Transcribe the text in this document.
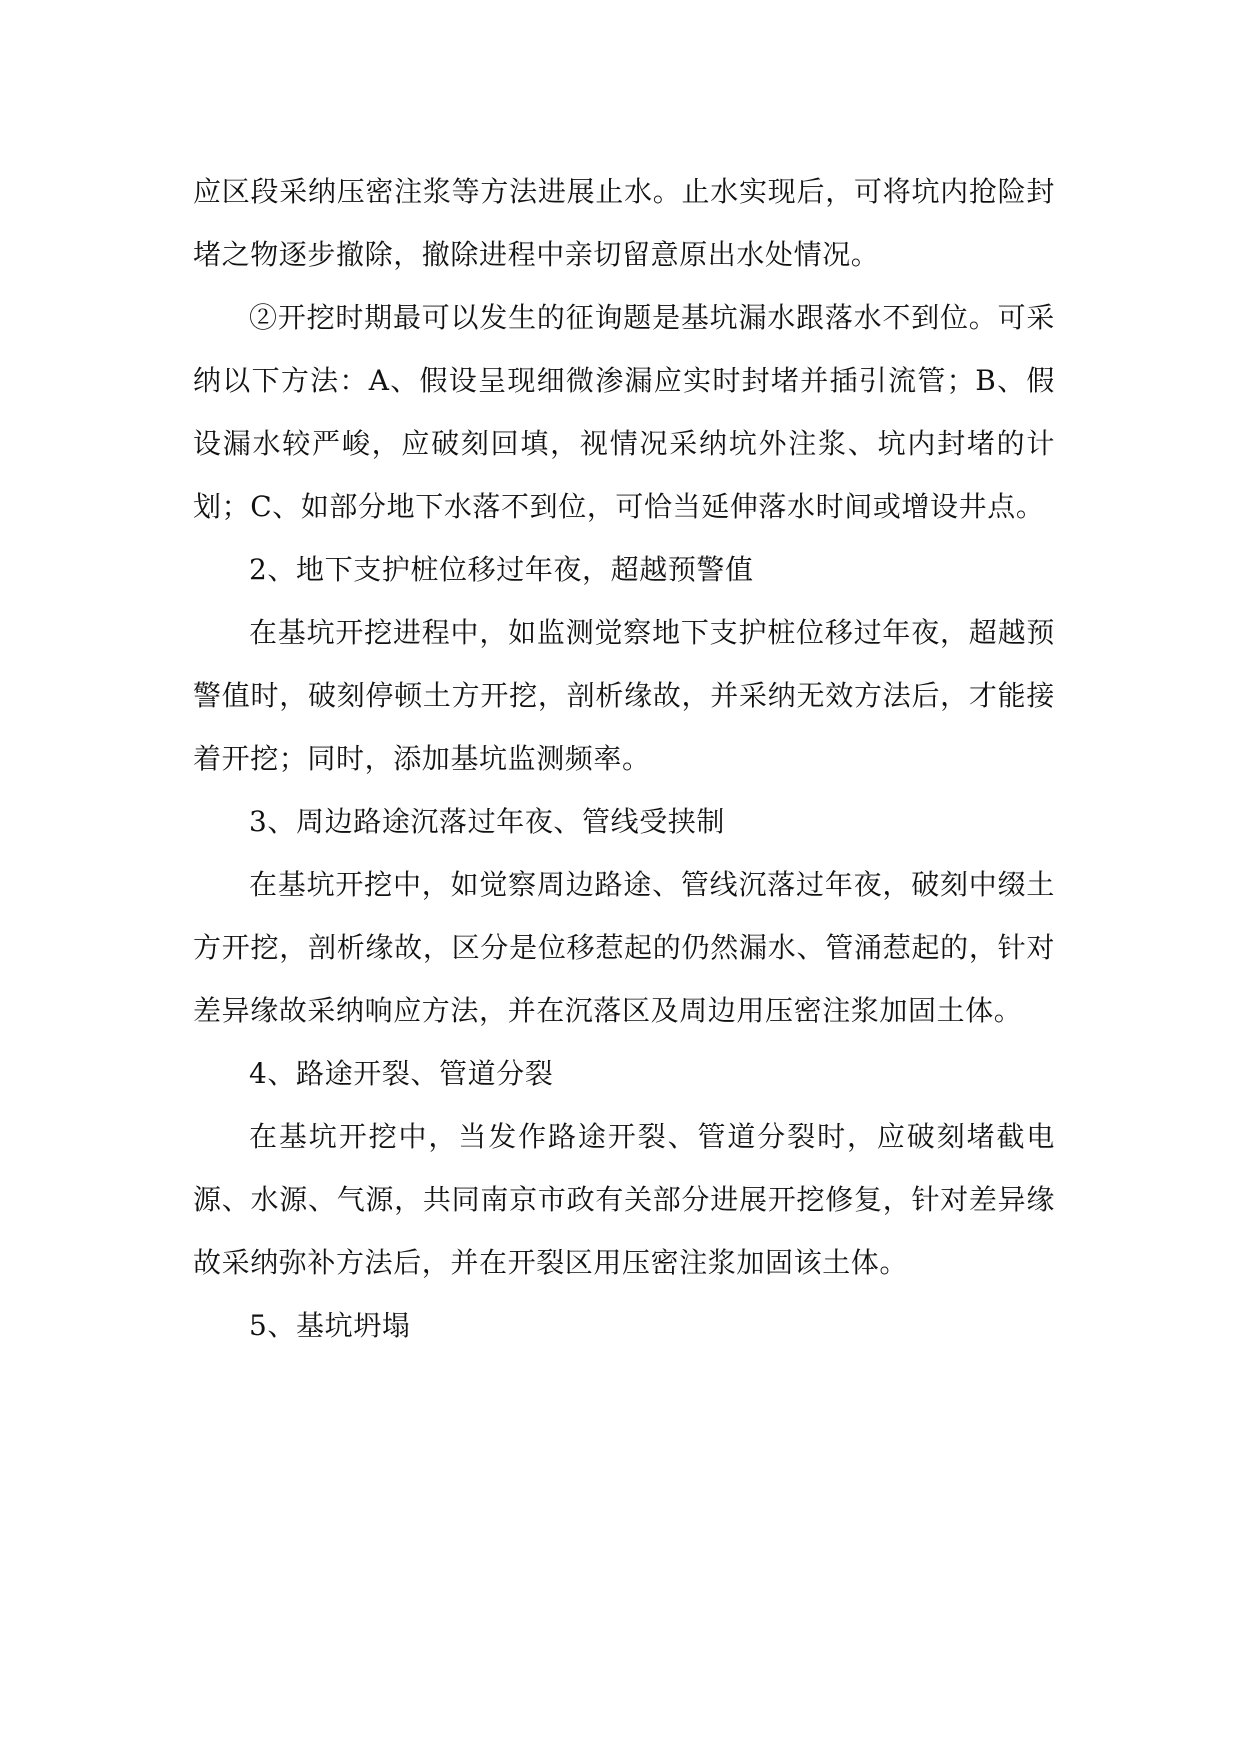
应区段采纳压密注浆等方法进展止水。止水实现后，可将坑内抢险封堵之物逐步撤除，撤除进程中亲切留意原出水处情况。

②开挖时期最可以发生的征询题是基坑漏水跟落水不到位。可采纳以下方法：A、假设呈现细微渗漏应实时封堵并插引流管；B、假设漏水较严峻，应破刻回填，视情况采纳坑外注浆、坑内封堵的计划；C、如部分地下水落不到位，可恰当延伸落水时间或增设井点。

2、地下支护桩位移过年夜，超越预警值

在基坑开挖进程中，如监测觉察地下支护桩位移过年夜，超越预警值时，破刻停顿土方开挖，剖析缘故，并采纳无效方法后，才能接着开挖；同时，添加基坑监测频率。

3、周边路途沉落过年夜、管线受挟制

在基坑开挖中，如觉察周边路途、管线沉落过年夜，破刻中缀土方开挖，剖析缘故，区分是位移惹起的仍然漏水、管涌惹起的，针对差异缘故采纳响应方法，并在沉落区及周边用压密注浆加固土体。

4、路途开裂、管道分裂

在基坑开挖中，当发作路途开裂、管道分裂时，应破刻堵截电源、水源、气源，共同南京市政有关部分进展开挖修复，针对差异缘故采纳弥补方法后，并在开裂区用压密注浆加固该土体。

5、基坑坍塌
